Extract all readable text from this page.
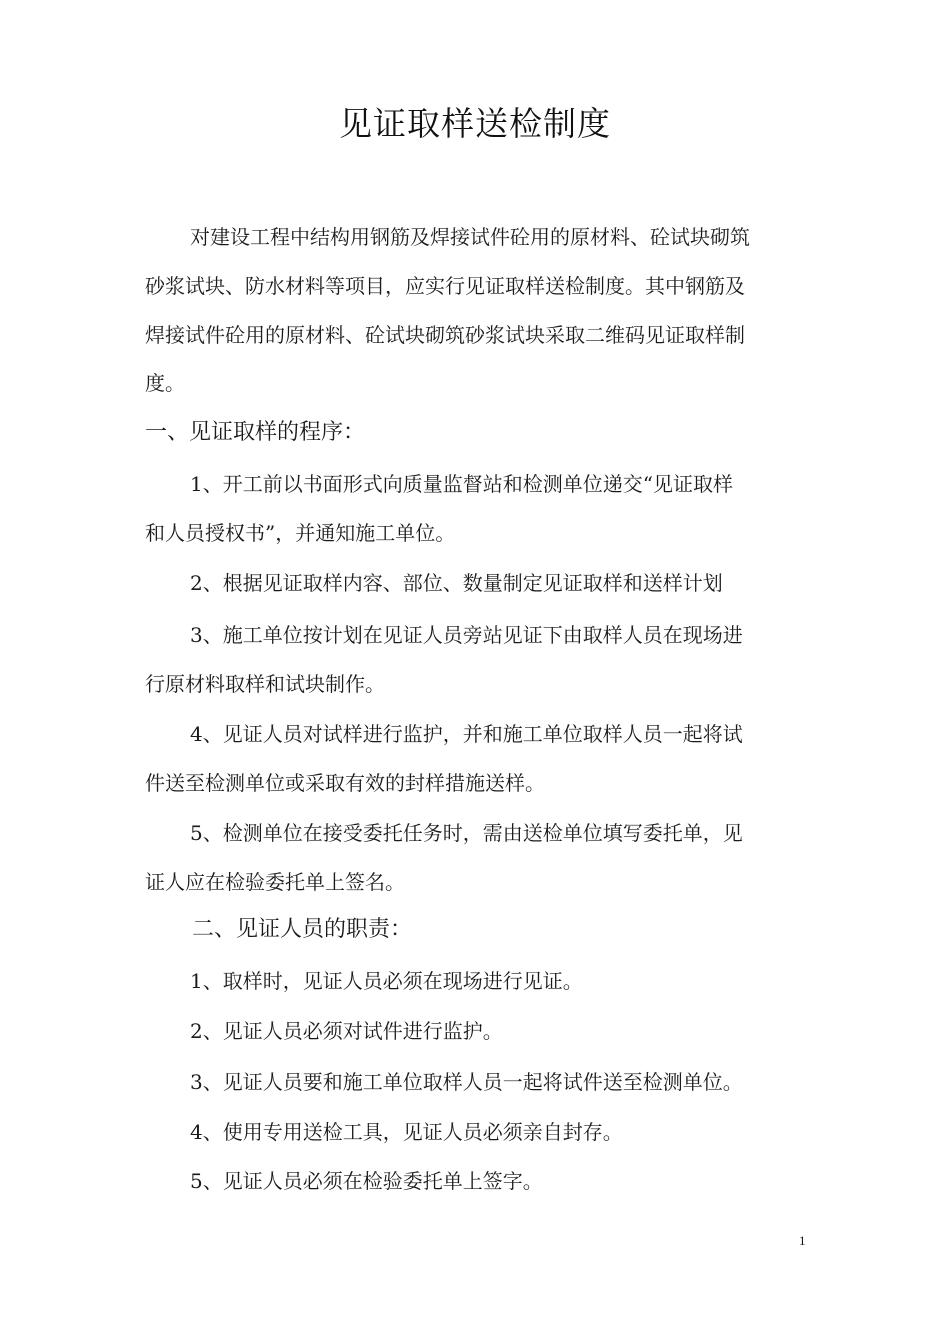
见证取样送检制度
对建设工程中结构用钢筋及焊接试件砼用的原材料、砼试块砌筑
砂浆试块、防水材料等项目，应实行见证取样送检制度。其中钢筋及
焊接试件砼用的原材料、砼试块砌筑砂浆试块采取二维码见证取样制
度。
一、见证取样的程序：
1、开工前以书面形式向质量监督站和检测单位递交“见证取样
和人员授权书”，并通知施工单位。
2、根据见证取样内容、部位、数量制定见证取样和送样计划
3、施工单位按计划在见证人员旁站见证下由取样人员在现场进
行原材料取样和试块制作。
4、见证人员对试样进行监护，并和施工单位取样人员一起将试
件送至检测单位或采取有效的封样措施送样。
5、检测单位在接受委托任务时，需由送检单位填写委托单，见
证人应在检验委托单上签名。
二、见证人员的职责：
1、取样时，见证人员必须在现场进行见证。
2、见证人员必须对试件进行监护。
3、见证人员要和施工单位取样人员一起将试件送至检测单位。
4、使用专用送检工具，见证人员必须亲自封存。
5、见证人员必须在检验委托单上签字。
1
